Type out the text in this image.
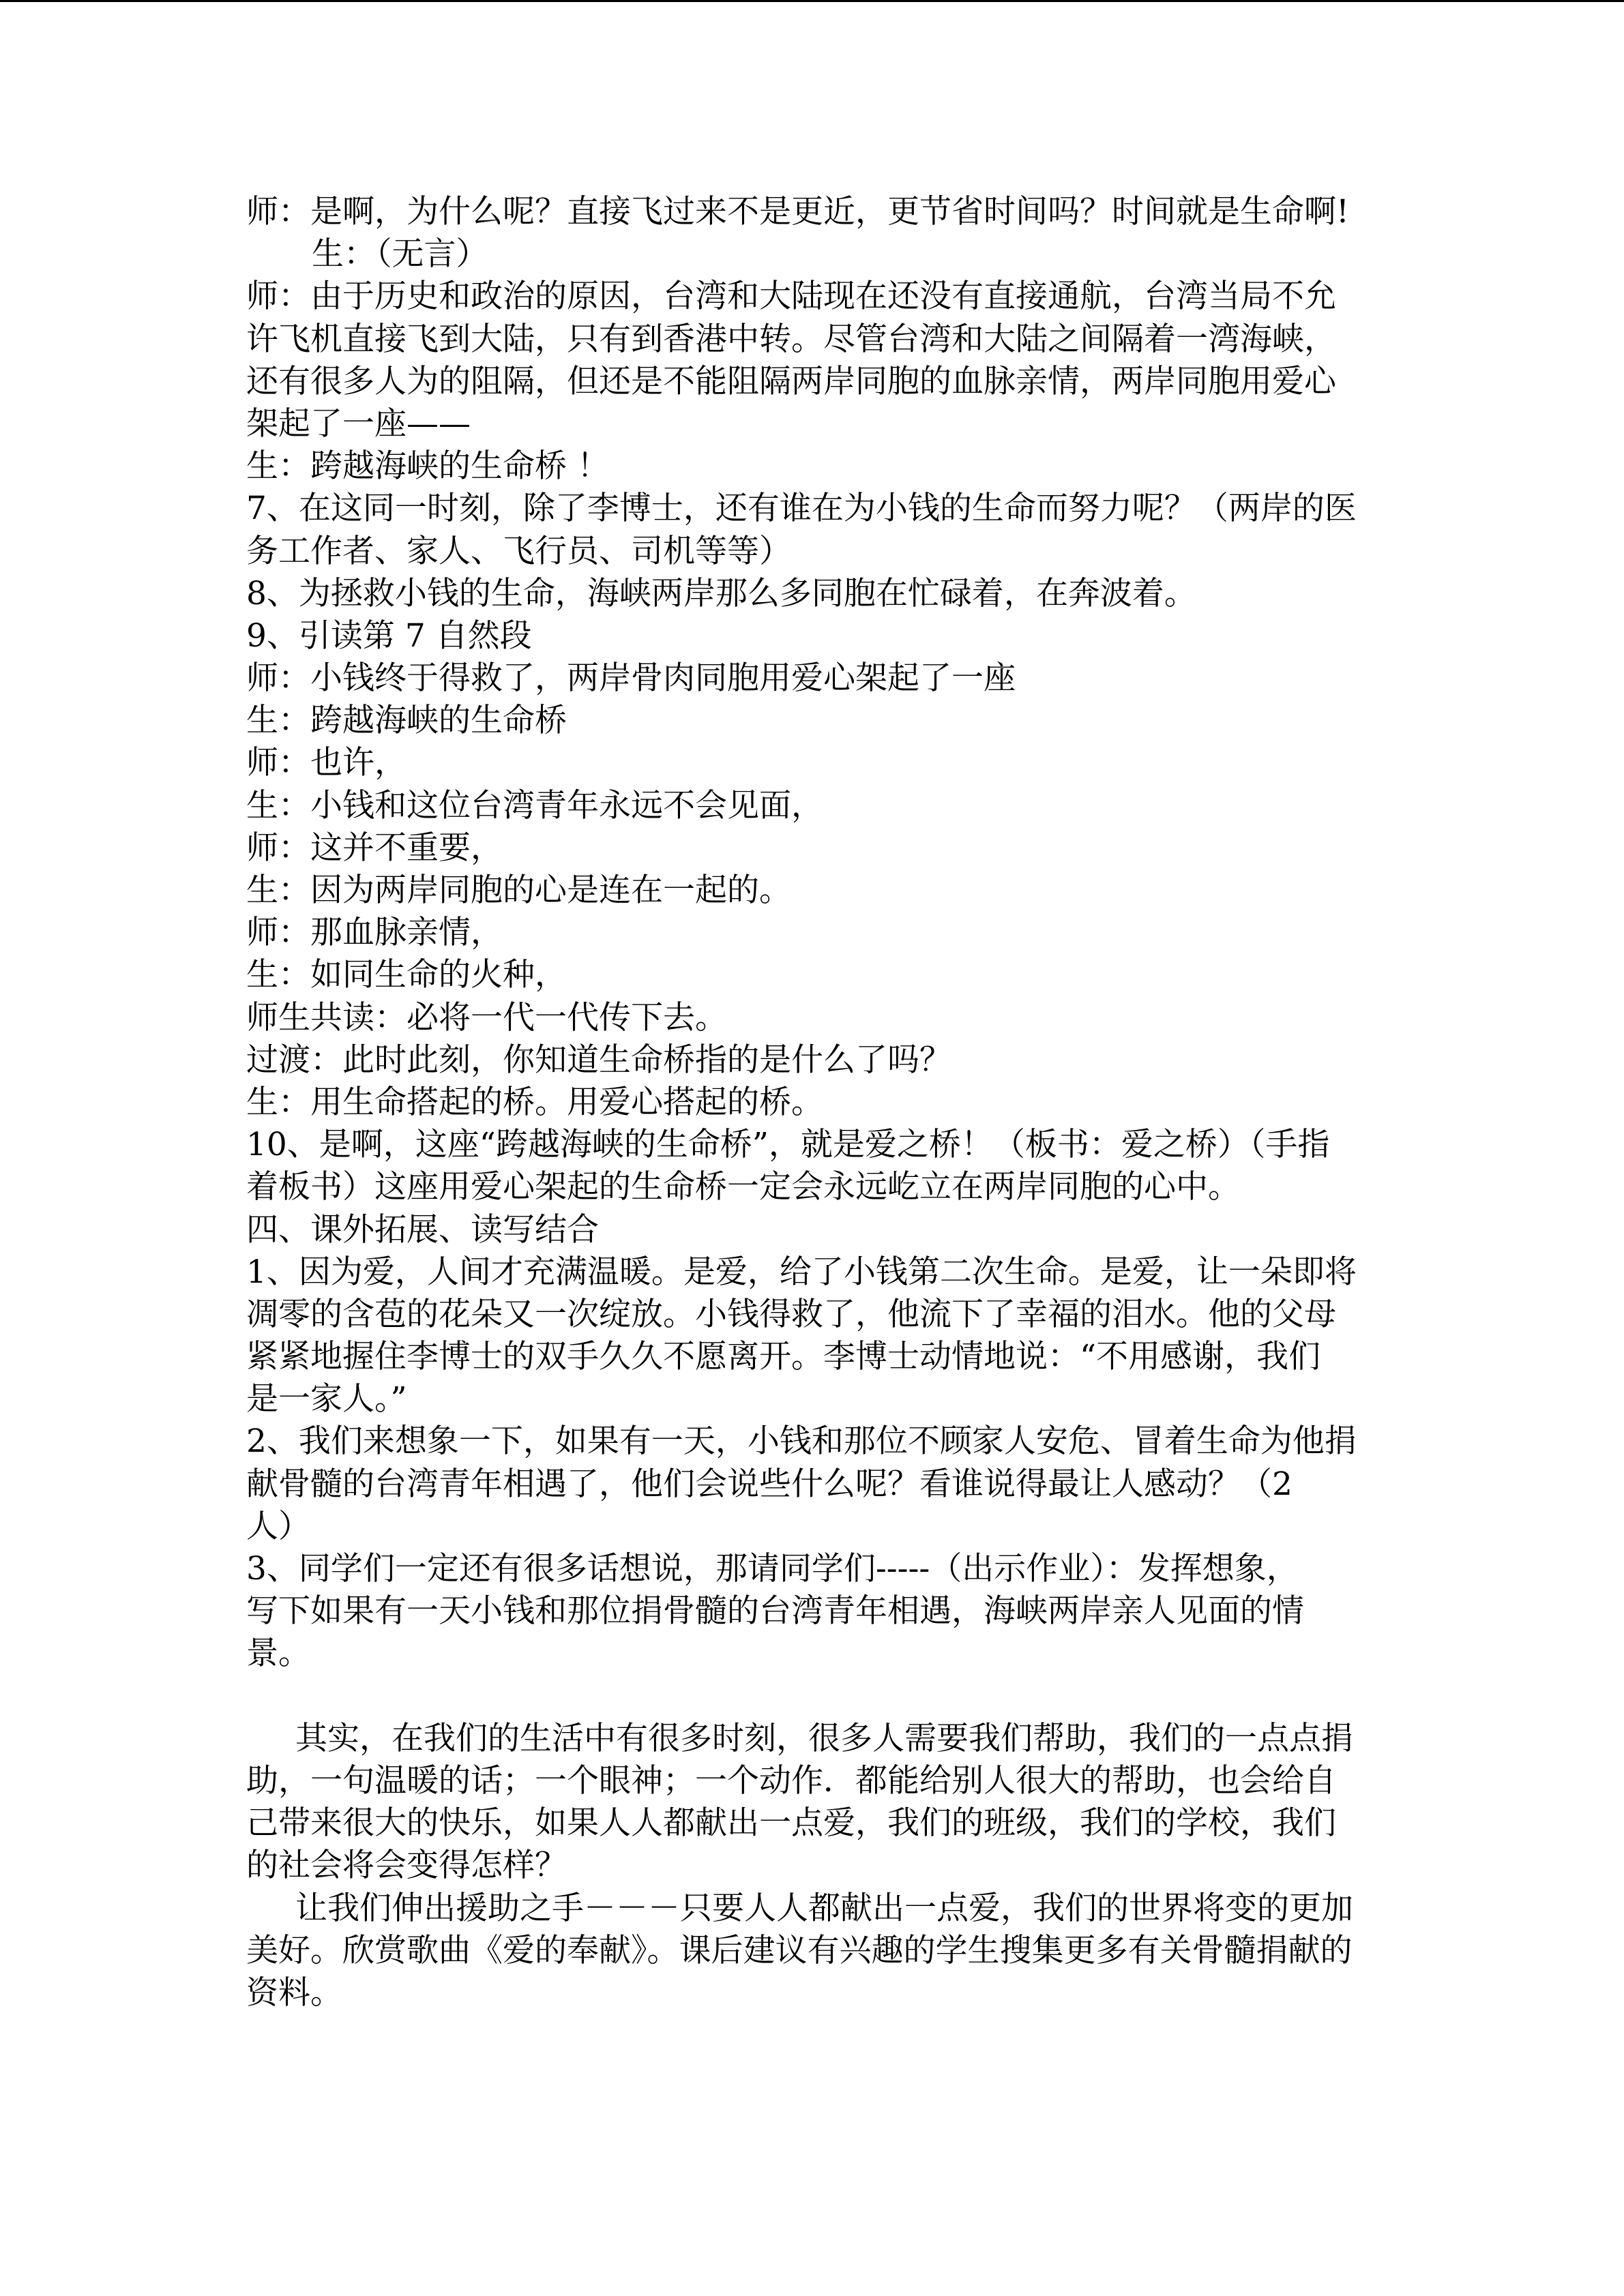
师：是啊，为什么呢？直接飞过来不是更近，更节省时间吗？时间就是生命啊!
生：（无言）
师：由于历史和政治的原因，台湾和大陆现在还没有直接通航，台湾当局不允
许飞机直接飞到大陆，只有到香港中转。尽管台湾和大陆之间隔着一湾海峡，
还有很多人为的阻隔，但还是不能阻隔两岸同胞的血脉亲情，两岸同胞用爱心
架起了一座——
生：跨越海峡的生命桥 ！
7、在这同一时刻，除了李博士，还有谁在为小钱的生命而努力呢？（两岸的医
务工作者、家人、飞行员、司机等等）
8、为拯救小钱的生命，海峡两岸那么多同胞在忙碌着，在奔波着。
9、引读第 7 自然段
师：小钱终于得救了，两岸骨肉同胞用爱心架起了一座
生：跨越海峡的生命桥
师：也许，
生：小钱和这位台湾青年永远不会见面，
师：这并不重要，
生：因为两岸同胞的心是连在一起的。
师：那血脉亲情，
生：如同生命的火种，
师生共读：必将一代一代传下去。
过渡：此时此刻，你知道生命桥指的是什么了吗？
生：用生命搭起的桥。用爱心搭起的桥。
10、是啊，这座“跨越海峡的生命桥”，就是爱之桥！（板书：爱之桥）（手指
着板书）这座用爱心架起的生命桥一定会永远屹立在两岸同胞的心中。
四、课外拓展、读写结合
1、因为爱，人间才充满温暖。是爱，给了小钱第二次生命。是爱，让一朵即将
凋零的含苞的花朵又一次绽放。小钱得救了，他流下了幸福的泪水。他的父母
紧紧地握住李博士的双手久久不愿离开。李博士动情地说：“不用感谢，我们
是一家人。”
2、我们来想象一下，如果有一天，小钱和那位不顾家人安危、冒着生命为他捐
献骨髓的台湾青年相遇了，他们会说些什么呢？看谁说得最让人感动？（2
人）
3、同学们一定还有很多话想说，那请同学们-----（出示作业）：发挥想象，
写下如果有一天小钱和那位捐骨髓的台湾青年相遇，海峡两岸亲人见面的情
景。
其实，在我们的生活中有很多时刻，很多人需要我们帮助，我们的一点点捐
助，一句温暖的话；一个眼神；一个动作．都能给别人很大的帮助，也会给自
己带来很大的快乐，如果人人都献出一点爱，我们的班级，我们的学校，我们
的社会将会变得怎样？
让我们伸出援助之手－－－只要人人都献出一点爱，我们的世界将变的更加
美好。欣赏歌曲《爱的奉献》。课后建议有兴趣的学生搜集更多有关骨髓捐献的
资料。
